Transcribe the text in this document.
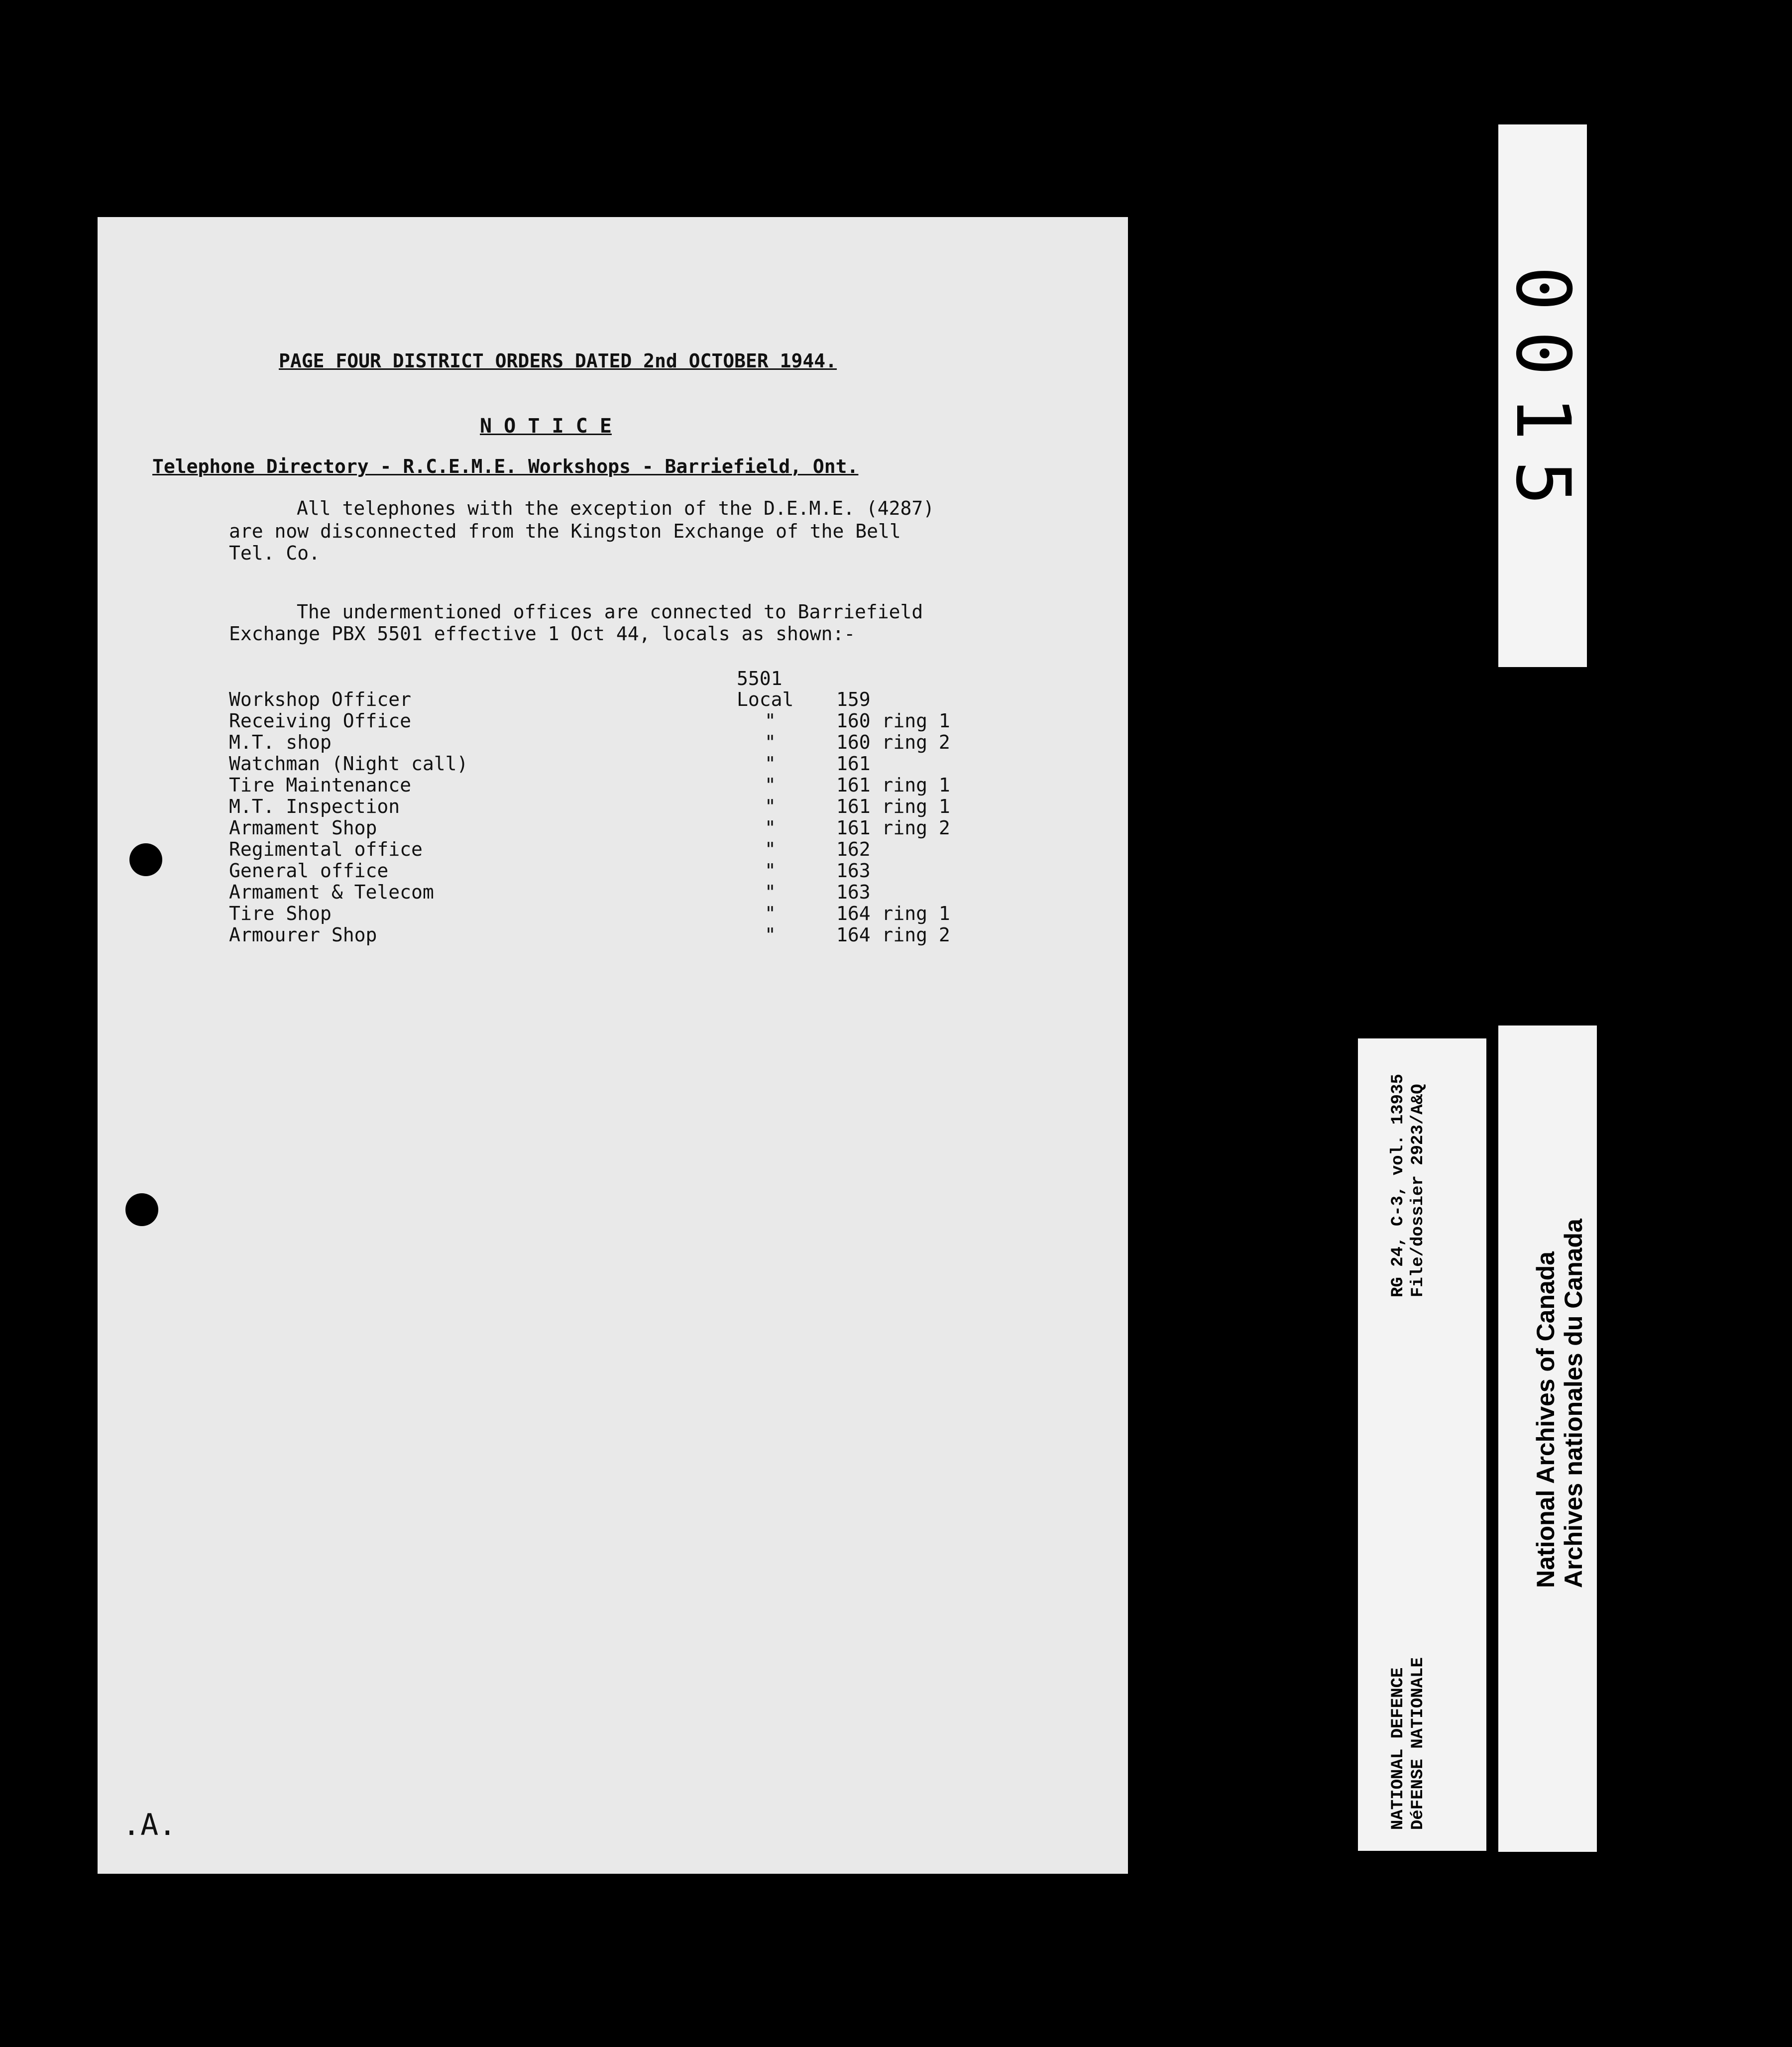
PAGE FOUR DISTRICT ORDERS DATED 2nd OCTOBER 1944.
N O T I C E
Telephone Directory - R.C.E.M.E. Workshops - Barriefield, Ont.
All telephones with the exception of the D.E.M.E. (4287)
are now disconnected from the Kingston Exchange of the Bell
Tel. Co.
The undermentioned offices are connected to Barriefield
Exchange PBX 5501 effective 1 Oct 44, locals as shown:-
5501
Workshop Officer	Local 159
Receiving Office	"	160 ring 1
M.T. shop	"	160 ring 2
Watchman (Night call)	"	161
Tire Maintenance	"	161 ring 1
M.T. Inspection	"	161 ring 1
Armament Shop	"	161 ring 2
Regimental office	"	162
General office	"	163
Armament & Telecom	"	163
Tire Shop	"	164 ring 1
Armourer Shop	"	164 ring 2
.A.
0015
NATIONAL DEFENCE DéFENSE NATIONALE
RG 24, C-3, vol. 13935 File/dossier 2923/A&Q
National Archives of Canada Archives nationales du Canada
